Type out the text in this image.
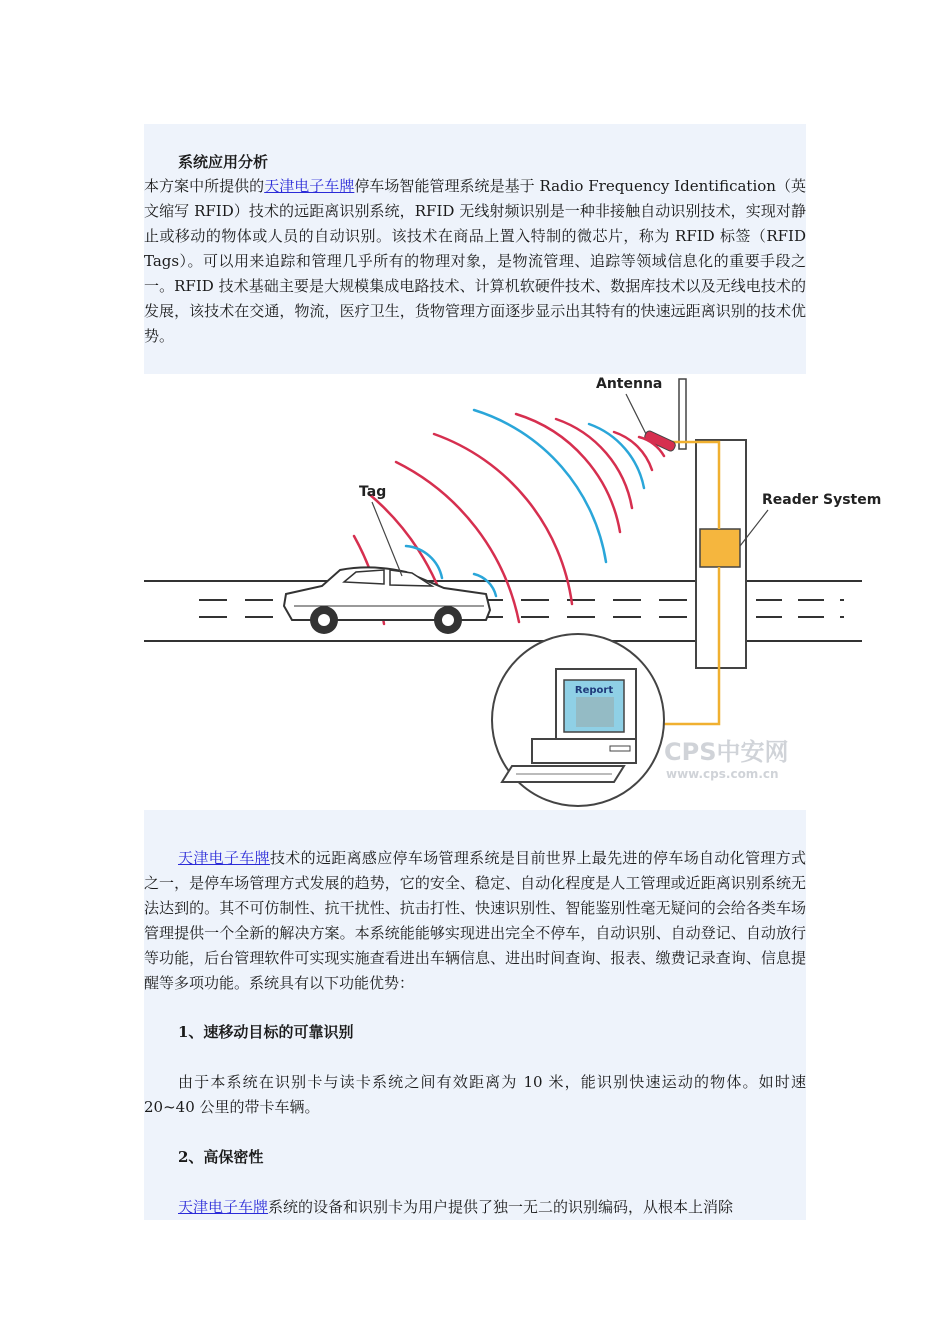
系统应用分析
本方案中所提供的天津电子车牌停车场智能管理系统是基于 Radio Frequency Identification（英文缩写 RFID）技术的远距离识别系统，RFID 无线射频识别是一种非接触自动识别技术，实现对静止或移动的物体或人员的自动识别。该技术在商品上置入特制的微芯片，称为 RFID 标签（RFID Tags）。可以用来追踪和管理几乎所有的物理对象，是物流管理、追踪等领域信息化的重要手段之一。RFID 技术基础主要是大规模集成电路技术、计算机软硬件技术、数据库技术以及无线电技术的发展，该技术在交通，物流，医疗卫生，货物管理方面逐步显示出其特有的快速远距离识别的技术优势。
Report
Antenna
Reader System
Tag
CPS中安网
www.cps.com.cn
天津电子车牌技术的远距离感应停车场管理系统是目前世界上最先进的停车场自动化管理方式之一，是停车场管理方式发展的趋势，它的安全、稳定、自动化程度是人工管理或近距离识别系统无法达到的。其不可仿制性、抗干扰性、抗击打性、快速识别性、智能鉴别性毫无疑问的会给各类车场管理提供一个全新的解决方案。本系统能能够实现进出完全不停车，自动识别、自动登记、自动放行等功能，后台管理软件可实现实施查看进出车辆信息、进出时间查询、报表、缴费记录查询、信息提醒等多项功能。系统具有以下功能优势：
1、速移动目标的可靠识别
由于本系统在识别卡与读卡系统之间有效距离为 10 米，能识别快速运动的物体。如时速 20~40 公里的带卡车辆。
2、高保密性
天津电子车牌系统的设备和识别卡为用户提供了独一无二的识别编码，从根本上消除
